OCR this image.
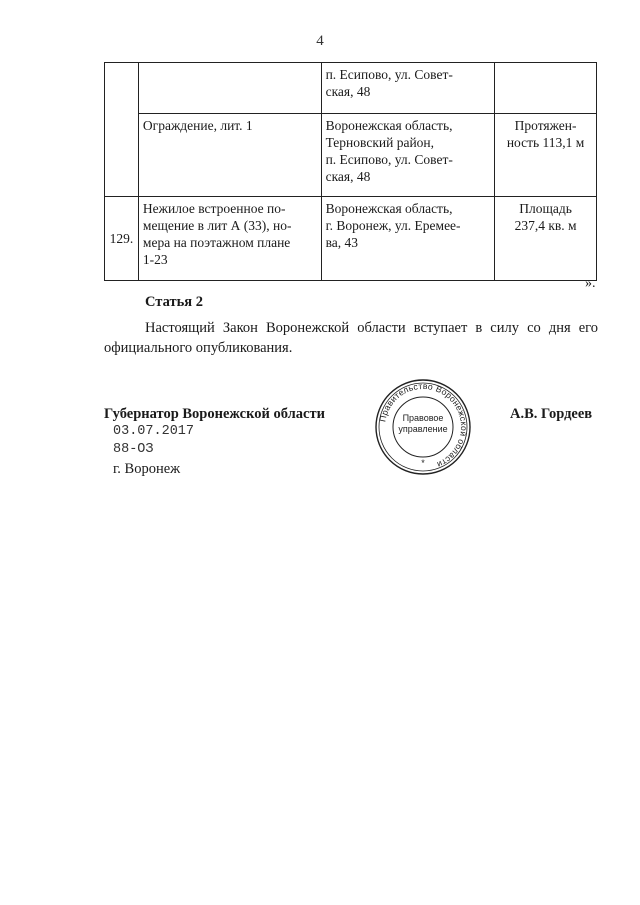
4

		п. Есипово, ул. Совет-
ская, 48	

	Ограждение, лит. 1	Воронежская область,
Терновский район,
п. Есипово, ул. Совет-
ская, 48	Протяжен-
ность 113,1 м

129.	Нежилое встроенное по-
мещение в лит А (33), но-
мера на поэтажном плане
1-23	Воронежская область,
г. Воронеж, ул. Еремее-
ва, 43	Площадь
237,4 кв. м
».
Статья 2
Настоящий Закон Воронежской области вступает в силу со дня его
официального опубликования.
Губернатор Воронежской области	А.В. Гордеев
03.07.2017
88-ОЗ
г. Воронеж
Правительство Воронежской области
*
Правовое
управление
